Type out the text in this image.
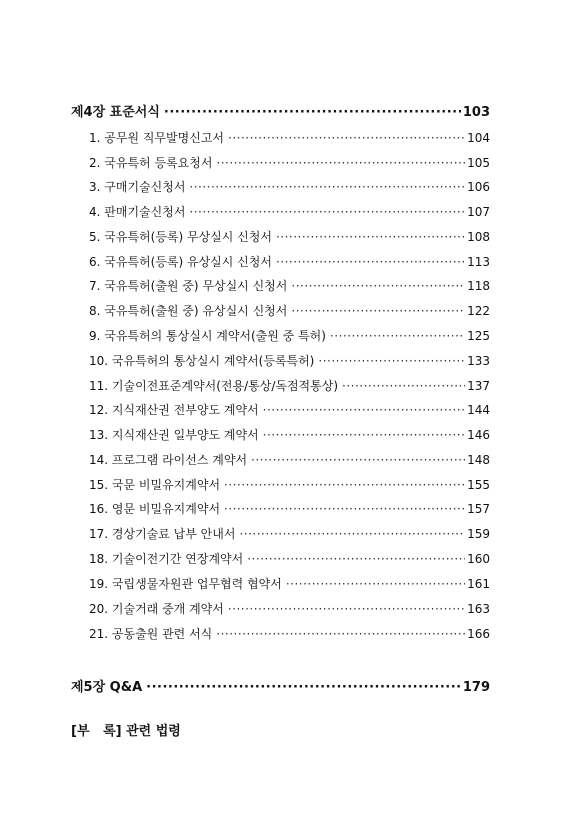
제4장 표준서식 ·····	103
1. 공무원 직무발명신고서 ·····	104
2. 국유특허 등록요청서 ·····	105
3. 구매기술신청서 ·····	106
4. 판매기술신청서 ·····	107
5. 국유특허(등록) 무상실시 신청서 ·····	108
6. 국유특허(등록) 유상실시 신청서 ·····	113
7. 국유특허(출원 중) 무상실시 신청서 ·····	118
8. 국유특허(출원 중) 유상실시 신청서 ·····	122
9. 국유특허의 통상실시 계약서(출원 중 특허) ·····	125
10. 국유특허의 통상실시 계약서(등록특허) ·····	133
11. 기술이전표준계약서(전용/통상/독점적통상) ·····	137
12. 지식재산권 전부양도 계약서 ·····	144
13. 지식재산권 일부양도 계약서 ·····	146
14. 프로그램 라이선스 계약서 ·····	148
15. 국문 비밀유지계약서 ·····	155
16. 영문 비밀유지계약서 ·····	157
17. 경상기술료 납부 안내서 ·····	159
18. 기술이전기간 연장계약서 ·····	160
19. 국립생물자원관 업무협력 협약서 ·····	161
20. 기술거래 중개 계약서 ·····	163
21. 공동출원 관련 서식 ·····	166
제5장 Q&A ·····	179
[부   록] 관련 법령
